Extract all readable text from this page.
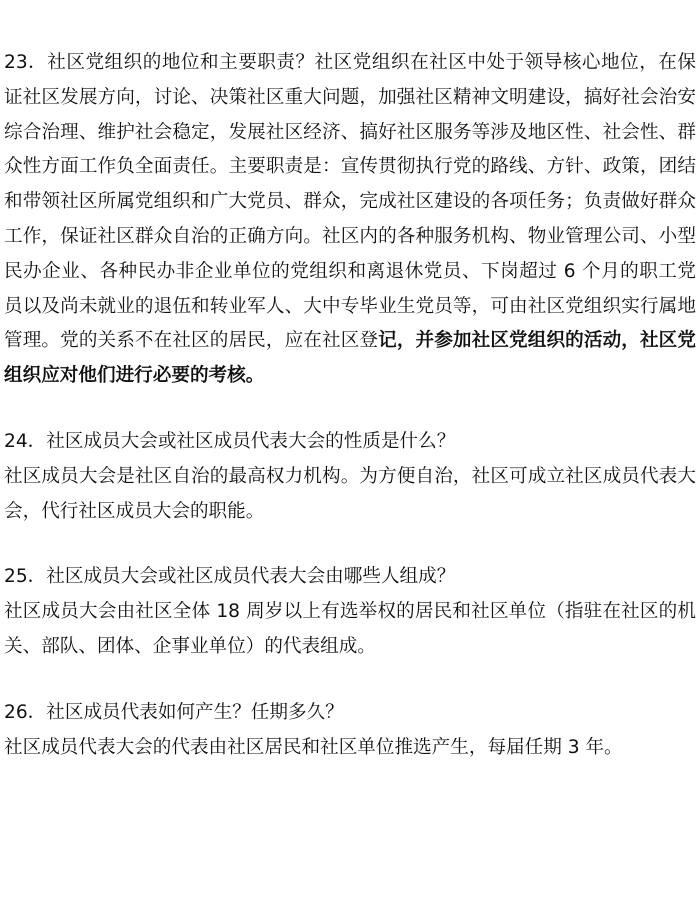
23．社区党组织的地位和主要职责？社区党组织在社区中处于领导核心地位，在保证社区发展方向，讨论、决策社区重大问题，加强社区精神文明建设，搞好社会治安综合治理、维护社会稳定，发展社区经济、搞好社区服务等涉及地区性、社会性、群众性方面工作负全面责任。主要职责是：宣传贯彻执行党的路线、方针、政策，团结和带领社区所属党组织和广大党员、群众，完成社区建设的各项任务；负责做好群众工作，保证社区群众自治的正确方向。社区内的各种服务机构、物业管理公司、小型民办企业、各种民办非企业单位的党组织和离退休党员、下岗超过 6 个月的职工党员以及尚未就业的退伍和转业军人、大中专毕业生党员等，可由社区党组织实行属地管理。党的关系不在社区的居民，应在社区登记，并参加社区党组织的活动，社区党组织应对他们进行必要的考核。

24．社区成员大会或社区成员代表大会的性质是什么？

社区成员大会是社区自治的最高权力机构。为方便自治，社区可成立社区成员代表大会，代行社区成员大会的职能。

25．社区成员大会或社区成员代表大会由哪些人组成？

社区成员大会由社区全体 18 周岁以上有选举权的居民和社区单位（指驻在社区的机关、部队、团体、企事业单位）的代表组成。

26．社区成员代表如何产生？任期多久？

社区成员代表大会的代表由社区居民和社区单位推选产生，每届任期 3 年。
